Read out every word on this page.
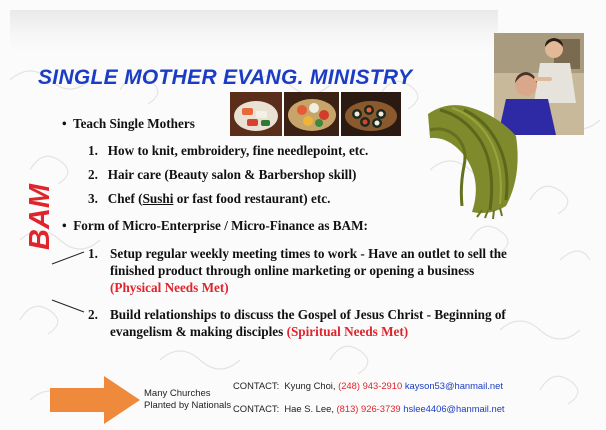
SINGLE MOTHER EVANG. MINISTRY
• Teach Single Mothers
1. How to knit, embroidery, fine needlepoint, etc.
2. Hair care (Beauty salon & Barbershop skill)
3. Chef (Sushi or fast food restaurant) etc.
• Form of Micro-Enterprise / Micro-Finance as BAM:
1. Setup regular weekly meeting times to work - Have an outlet to sell the
finished product through online marketing or opening a business
(Physical Needs Met)
2. Build relationships to discuss the Gospel of Jesus Christ - Beginning of
evangelism & making disciples (Spiritual Needs Met)
BAM
Many Churches
Planted by Nationals
CONTACT: Kyung Choi, (248) 943-2910 kayson53@hanmail.net
CONTACT: Hae S. Lee, (813) 926-3739 hslee4406@hanmail.net
